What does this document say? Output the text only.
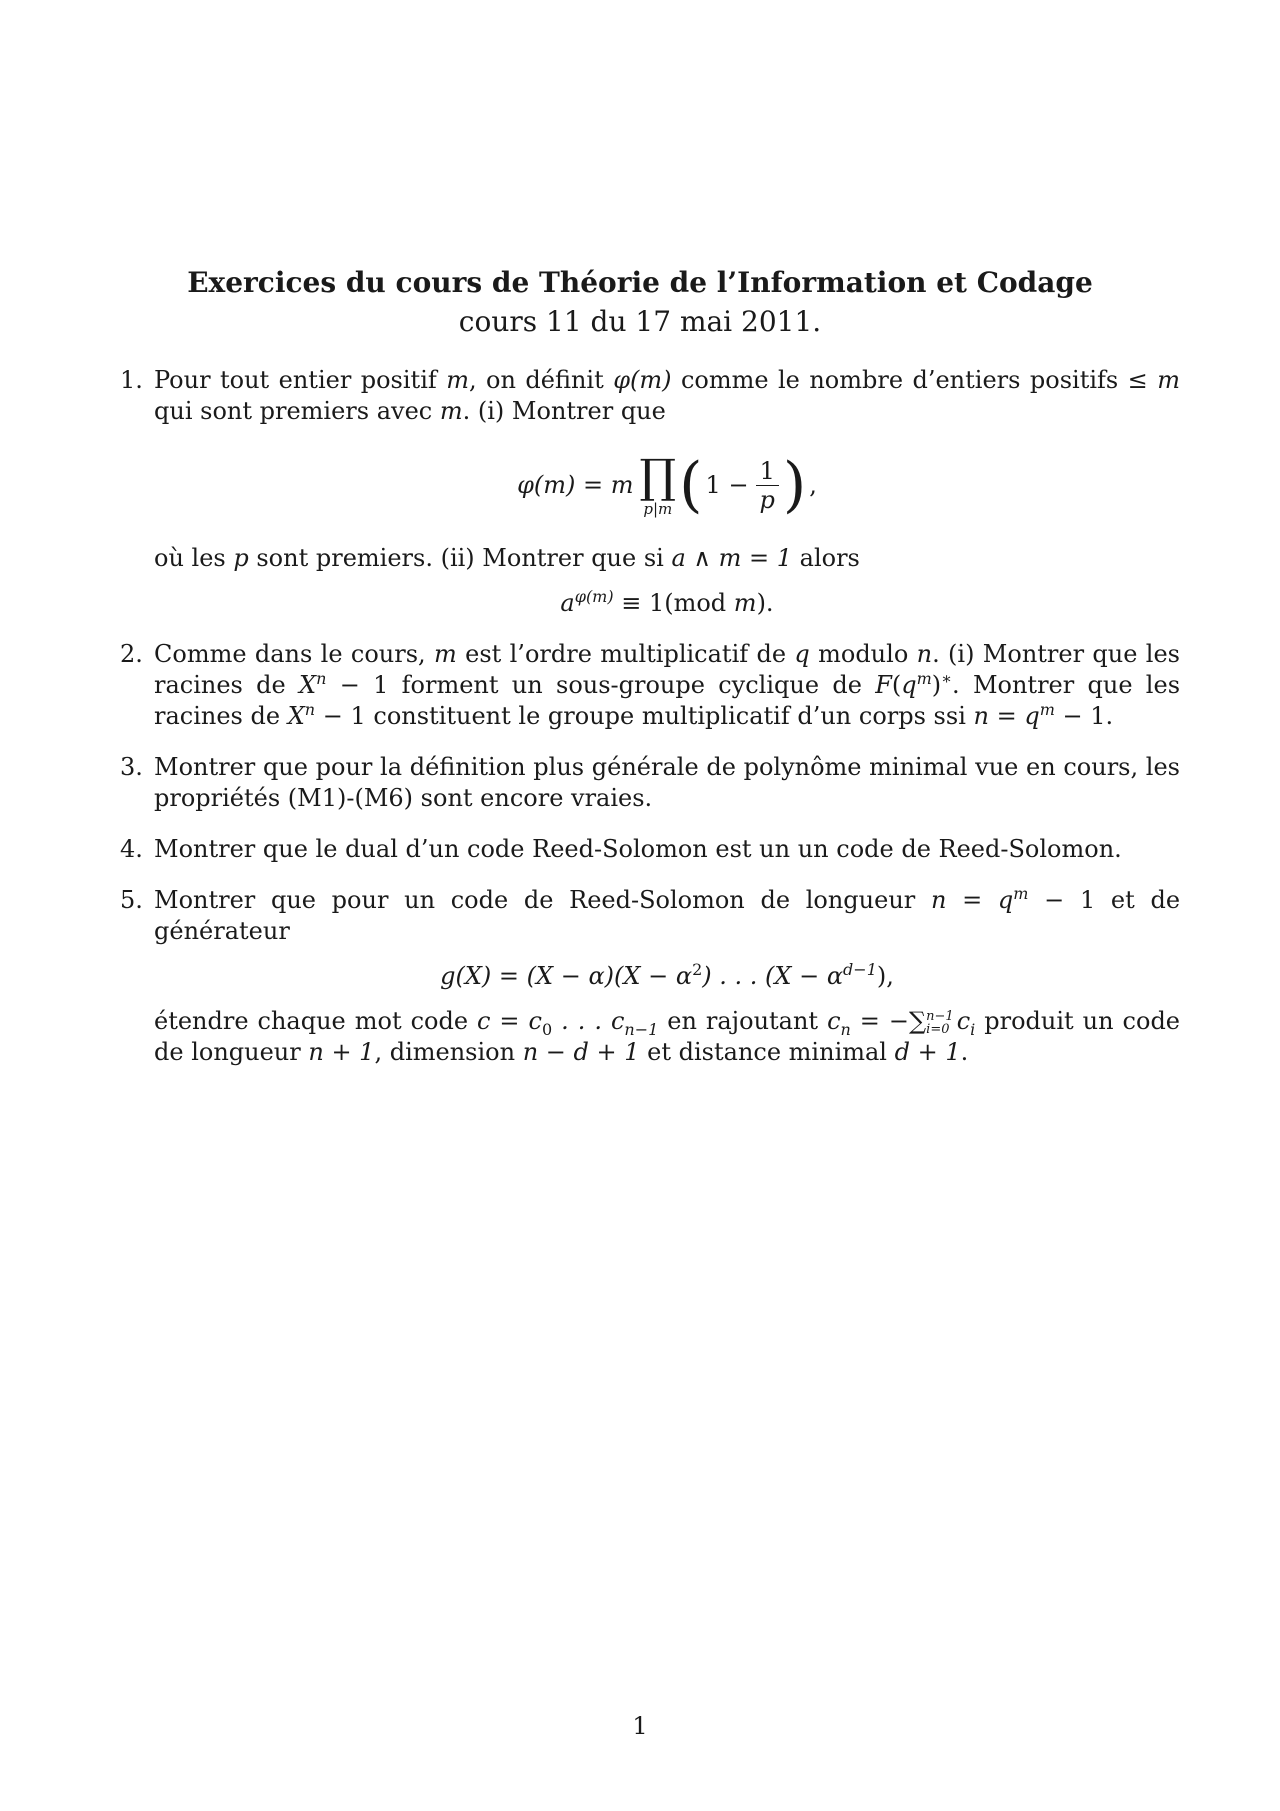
Exercices du cours de Théorie de l’Information et Codage

cours 11 du 17 mai 2011.

1. Pour tout entier positif m, on définit φ(m) comme le nombre d’entiers positifs ≤ m qui sont premiers avec m. (i) Montrer que

φ(m) = m ∏
p|m ( $1 - \frac{1}{p}$ ) ,

où les p sont premiers. (ii) Montrer que si a ∧ m = 1 alors

$a^{\varphi(m)} \equiv 1(mod$ m).
2. Comme dans le cours, m est l’ordre multiplicatif de q modulo n. (i) Montrer que les racines de $X^n - 1$ forment un sous-groupe cyclique de $F(q^m)^∗$. Montrer que les racines de $X^n - 1$ constituent le groupe multiplicatif d’un corps ssi $n = q^m - 1$.

3. Montrer que pour la définition plus générale de polynôme minimal vue en cours, les propriétés (M1)-(M6) sont encore vraies.

4. Montrer que le dual d’un code Reed-Solomon est un un code de Reed-Solomon.

5. Montrer que pour un code de Reed-Solomon de longueur $n = q^m - 1$ et de générateur

$g(X) = (X - \alpha)(X - \alpha^2)$ . . . $(X - \alpha^{d-1})$,

étendre chaque mot code $c = c_0$ . . . $c_{n-1}$ en rajoutant $c_n$ = −∑ n−1
i=0 $c_i$ produit un code de longueur n + 1, dimension n − d + 1 et distance minimal d + 1.

1
